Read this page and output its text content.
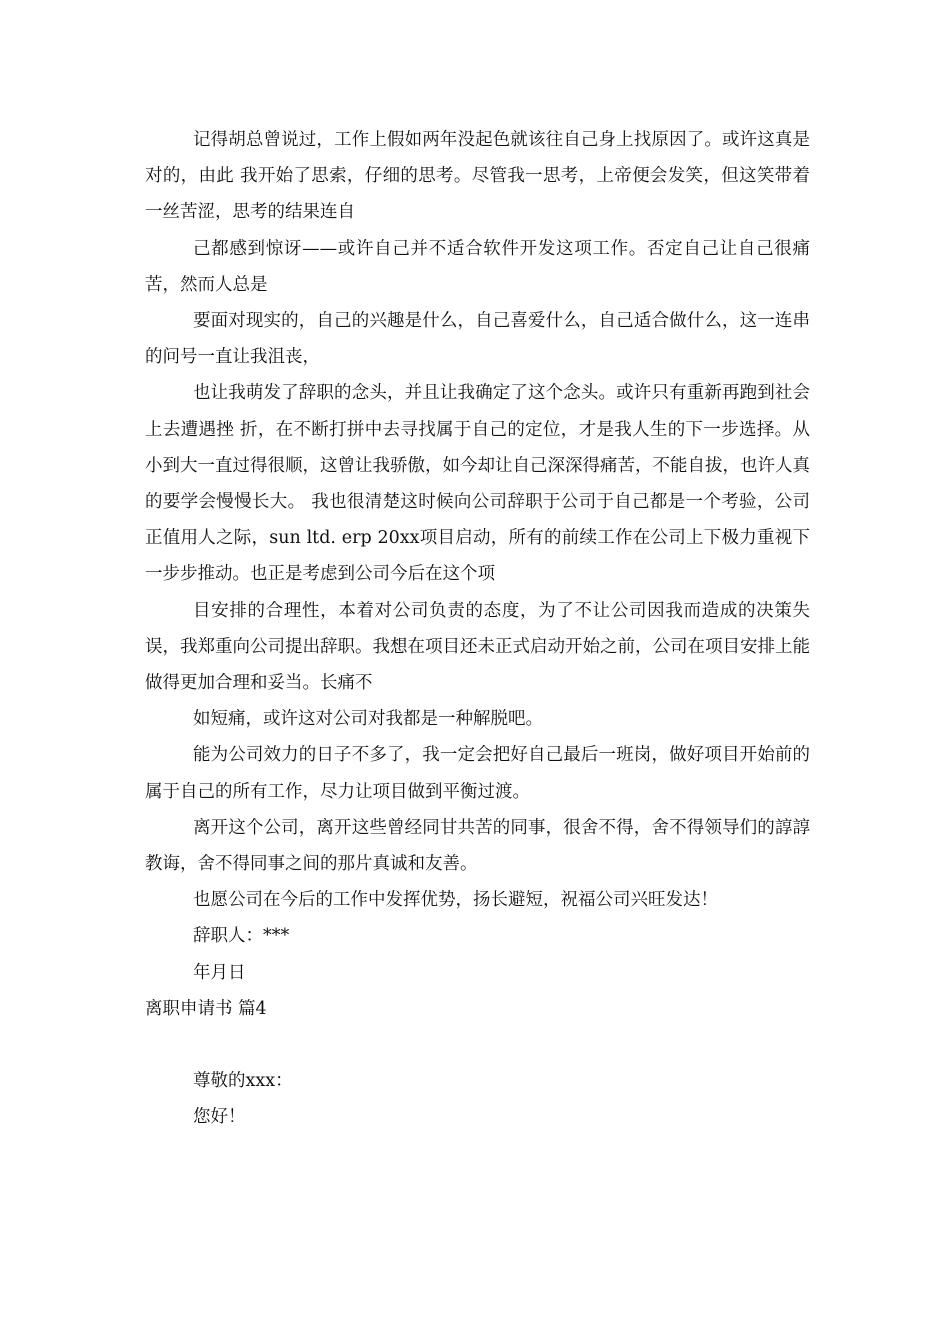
记得胡总曾说过，工作上假如两年没起色就该往自己身上找原因了。或许这真是对的，由此 我开始了思索，仔细的思考。尽管我一思考，上帝便会发笑，但这笑带着一丝苦涩，思考的结果连自

己都感到惊讶——或许自己并不适合软件开发这项工作。否定自己让自己很痛苦，然而人总是

要面对现实的，自己的兴趣是什么，自己喜爱什么，自己适合做什么，这一连串的问号一直让我沮丧，

也让我萌发了辞职的念头，并且让我确定了这个念头。或许只有重新再跑到社会上去遭遇挫 折，在不断打拼中去寻找属于自己的定位，才是我人生的下一步选择。从小到大一直过得很顺，这曾让我骄傲，如今却让自己深深得痛苦，不能自拔，也许人真的要学会慢慢长大。 我也很清楚这时候向公司辞职于公司于自己都是一个考验，公司正值用人之际，sun ltd. erp 20xx项目启动，所有的前续工作在公司上下极力重视下一步步推动。也正是考虑到公司今后在这个项

目安排的合理性，本着对公司负责的态度，为了不让公司因我而造成的决策失误，我郑重向公司提出辞职。我想在项目还未正式启动开始之前，公司在项目安排上能做得更加合理和妥当。长痛不

如短痛，或许这对公司对我都是一种解脱吧。

能为公司效力的日子不多了，我一定会把好自己最后一班岗，做好项目开始前的属于自己的所有工作，尽力让项目做到平衡过渡。

离开这个公司，离开这些曾经同甘共苦的同事，很舍不得，舍不得领导们的諄諄教诲，舍不得同事之间的那片真诚和友善。

也愿公司在今后的工作中发挥优势，扬长避短，祝福公司兴旺发达！

辞职人：***

年月日

离职申请书 篇4

尊敬的xxx：

您好！
